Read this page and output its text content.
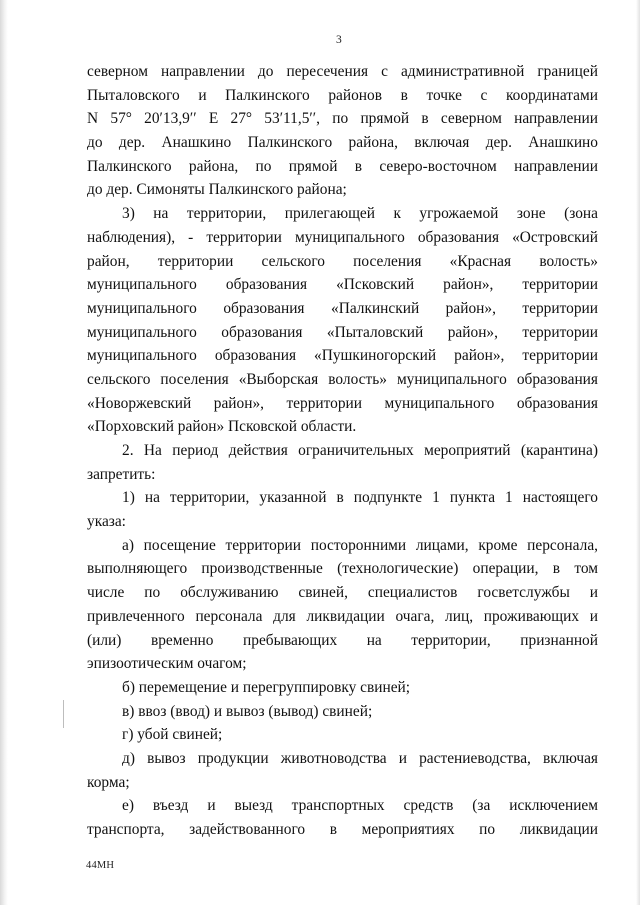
3
северном направлении до пересечения с административной границей
Пыталовского и Палкинского районов в точке с координатами
N 57° 20′13,9′′ E 27° 53′11,5′′, по прямой в северном направлении
до дер. Анашкино Палкинского района, включая дер. Анашкино
Палкинского района, по прямой в северо-восточном направлении
до дер. Симоняты Палкинского района;
3) на территории, прилегающей к угрожаемой зоне (зона
наблюдения), - территории муниципального образования «Островский
район, территории сельского поселения «Красная волость»
муниципального образования «Псковский район», территории
муниципального образования «Палкинский район», территории
муниципального образования «Пыталовский район», территории
муниципального образования «Пушкиногорский район», территории
сельского поселения «Выборская волость» муниципального образования
«Новоржевский район», территории муниципального образования
«Порховский район» Псковской области.
2. На период действия ограничительных мероприятий (карантина)
запретить:
1) на территории, указанной в подпункте 1 пункта 1 настоящего
указа:
а) посещение территории посторонними лицами, кроме персонала,
выполняющего производственные (технологические) операции, в том
числе по обслуживанию свиней, специалистов госветслужбы и
привлеченного персонала для ликвидации очага, лиц, проживающих и
(или) временно пребывающих на территории, признанной
эпизоотическим очагом;
б) перемещение и перегруппировку свиней;
в) ввоз (ввод) и вывоз (вывод) свиней;
г) убой свиней;
д) вывоз продукции животноводства и растениеводства, включая
корма;
е) въезд и выезд транспортных средств (за исключением
транспорта, задействованного в мероприятиях по ликвидации
44МН
